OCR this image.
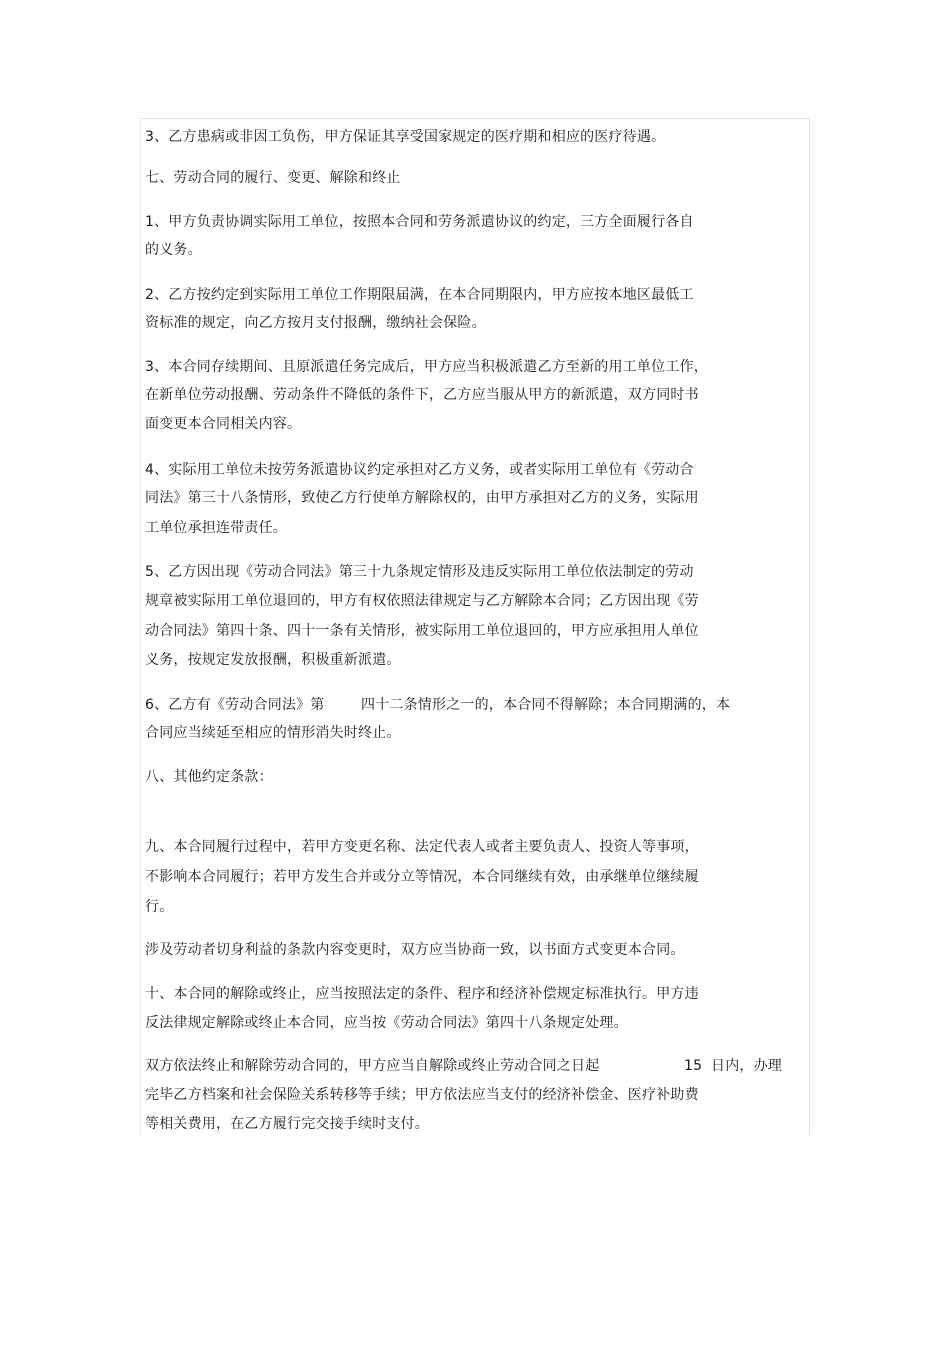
3、乙方患病或非因工负伤，甲方保证其享受国家规定的医疗期和相应的医疗待遇。
七、劳动合同的履行、变更、解除和终止
1、甲方负责协调实际用工单位，按照本合同和劳务派遣协议的约定，三方全面履行各自
的义务。
2、乙方按约定到实际用工单位工作期限届满，在本合同期限内，甲方应按本地区最低工
资标准的规定，向乙方按月支付报酬，缴纳社会保险。
3、本合同存续期间、且原派遣任务完成后，甲方应当积极派遣乙方至新的用工单位工作，
在新单位劳动报酬、劳动条件不降低的条件下，乙方应当服从甲方的新派遣，双方同时书
面变更本合同相关内容。
4、实际用工单位未按劳务派遣协议约定承担对乙方义务，或者实际用工单位有《劳动合
同法》第三十八条情形，致使乙方行使单方解除权的，由甲方承担对乙方的义务，实际用
工单位承担连带责任。
5、乙方因出现《劳动合同法》第三十九条规定情形及违反实际用工单位依法制定的劳动
规章被实际用工单位退回的，甲方有权依照法律规定与乙方解除本合同；乙方因出现《劳
动合同法》第四十条、四十一条有关情形，被实际用工单位退回的，甲方应承担用人单位
义务，按规定发放报酬，积极重新派遣。
6、乙方有《劳动合同法》第	四十二条情形之一的，本合同不得解除；本合同期满的，本
合同应当续延至相应的情形消失时终止。
八、其他约定条款：
九、本合同履行过程中，若甲方变更名称、法定代表人或者主要负责人、投资人等事项，
不影响本合同履行；若甲方发生合并或分立等情况，本合同继续有效，由承继单位继续履
行。
涉及劳动者切身利益的条款内容变更时，双方应当协商一致，以书面方式变更本合同。
十、本合同的解除或终止，应当按照法定的条件、程序和经济补偿规定标准执行。甲方违
反法律规定解除或终止本合同，应当按《劳动合同法》第四十八条规定处理。
双方依法终止和解除劳动合同的，甲方应当自解除或终止劳动合同之日起	15 日内，办理
完毕乙方档案和社会保险关系转移等手续；甲方依法应当支付的经济补偿金、医疗补助费
等相关费用，在乙方履行完交接手续时支付。
